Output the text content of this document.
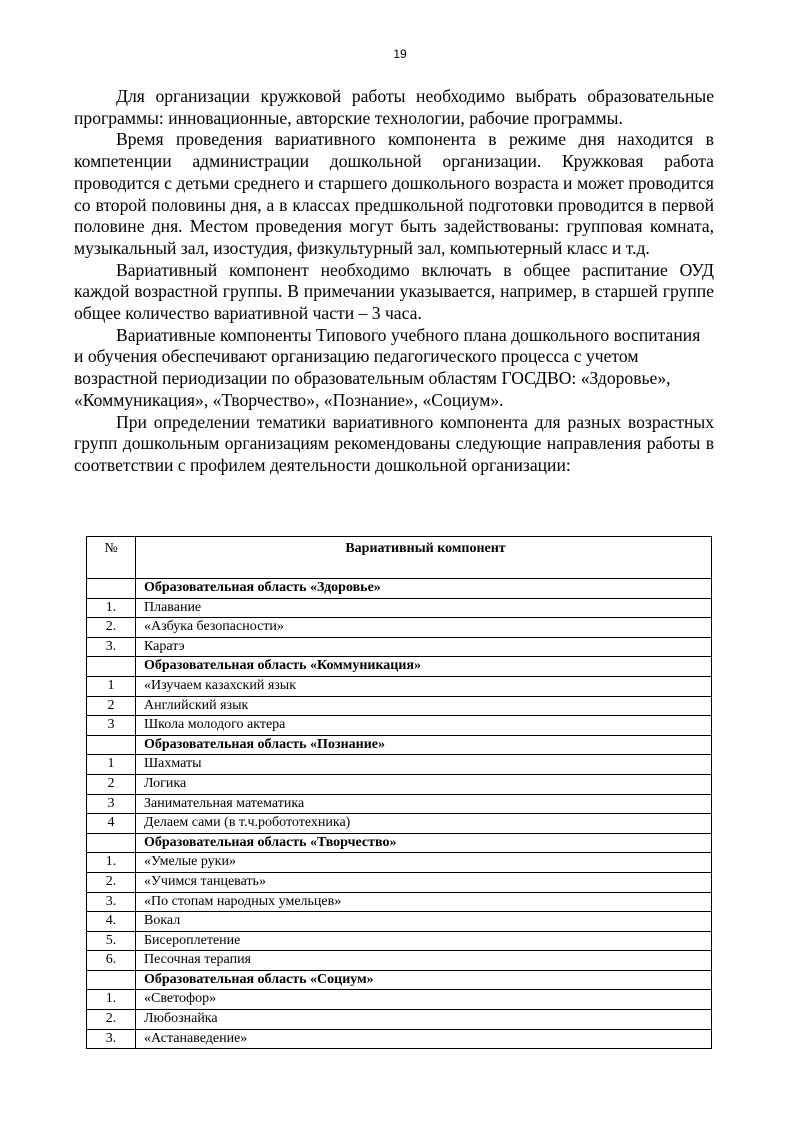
19

Для организации кружковой работы необходимо выбрать образовательные программы: инновационные, авторские технологии, рабочие программы.

Время проведения вариативного компонента в режиме дня находится в компетенции администрации дошкольной организации. Кружковая работа проводится с детьми среднего и старшего дошкольного возраста и может проводится со второй половины дня, а в классах предшкольной подготовки проводится в первой половине дня. Местом проведения могут быть задействованы: групповая комната, музыкальный зал, изостудия, физкультурный зал, компьютерный класс и т.д.

Вариативный компонент необходимо включать в общее распитание ОУД каждой возрастной группы. В примечании указывается, например, в старшей группе общее количество вариативной части – 3 часа.

Вариативные компоненты Типового учебного плана дошкольного воспитания и обучения обеспечивают организацию педагогического процесса с учетом возрастной периодизации по образовательным областям ГОСДВО: «Здоровье», «Коммуникация», «Творчество», «Познание», «Социум».

При определении тематики вариативного компонента для разных возрастных групп дошкольным организациям рекомендованы следующие направления работы в соответствии с профилем деятельности дошкольной организации:

№	Вариативный компонент
	Образовательная область «Здоровье»
1.	Плавание
2.	«Азбука безопасности»
3.	Каратэ
	Образовательная область «Коммуникация»
1	«Изучаем казахский язык
2	Английский язык
3	Школа молодого актера
	Образовательная область «Познание»
1	Шахматы
2	Логика
3	Занимательная математика
4	Делаем сами (в т.ч.робототехника)
	Образовательная область «Творчество»
1.	«Умелые руки»
2.	«Учимся танцевать»
3.	«По стопам народных умельцев»
4.	Вокал
5.	Бисероплетение
6.	Песочная терапия
	Образовательная область «Социум»
1.	«Светофор»
2.	Любознайка
3.	«Астанаведение»
